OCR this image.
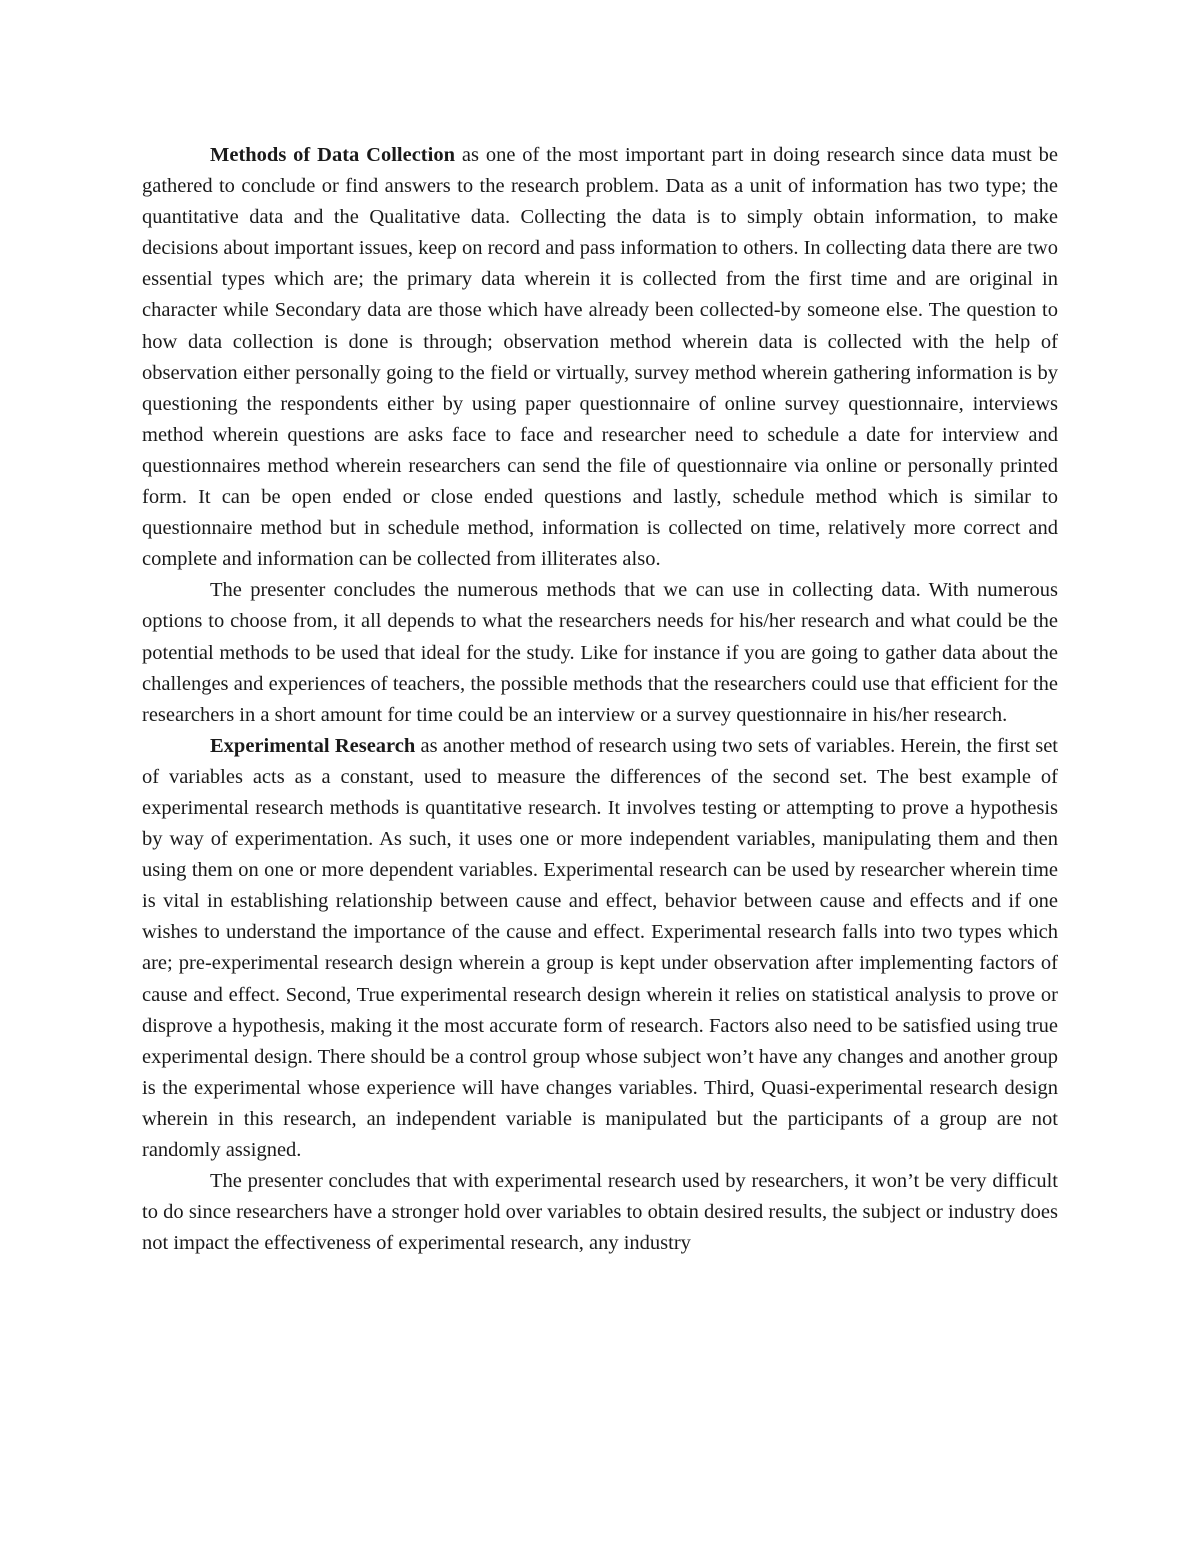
Methods of Data Collection as one of the most important part in doing research since data must be gathered to conclude or find answers to the research problem. Data as a unit of information has two type; the quantitative data and the Qualitative data. Collecting the data is to simply obtain information, to make decisions about important issues, keep on record and pass information to others. In collecting data there are two essential types which are; the primary data wherein it is collected from the first time and are original in character while Secondary data are those which have already been collected-by someone else. The question to how data collection is done is through; observation method wherein data is collected with the help of observation either personally going to the field or virtually, survey method wherein gathering information is by questioning the respondents either by using paper questionnaire of online survey questionnaire, interviews method wherein questions are asks face to face and researcher need to schedule a date for interview and questionnaires method wherein researchers can send the file of questionnaire via online or personally printed form. It can be open ended or close ended questions and lastly, schedule method which is similar to questionnaire method but in schedule method, information is collected on time, relatively more correct and complete and information can be collected from illiterates also.

The presenter concludes the numerous methods that we can use in collecting data. With numerous options to choose from, it all depends to what the researchers needs for his/her research and what could be the potential methods to be used that ideal for the study. Like for instance if you are going to gather data about the challenges and experiences of teachers, the possible methods that the researchers could use that efficient for the researchers in a short amount for time could be an interview or a survey questionnaire in his/her research.

Experimental Research as another method of research using two sets of variables. Herein, the first set of variables acts as a constant, used to measure the differences of the second set. The best example of experimental research methods is quantitative research. It involves testing or attempting to prove a hypothesis by way of experimentation. As such, it uses one or more independent variables, manipulating them and then using them on one or more dependent variables. Experimental research can be used by researcher wherein time is vital in establishing relationship between cause and effect, behavior between cause and effects and if one wishes to understand the importance of the cause and effect. Experimental research falls into two types which are; pre-experimental research design wherein a group is kept under observation after implementing factors of cause and effect. Second, True experimental research design wherein it relies on statistical analysis to prove or disprove a hypothesis, making it the most accurate form of research. Factors also need to be satisfied using true experimental design. There should be a control group whose subject won’t have any changes and another group is the experimental whose experience will have changes variables. Third, Quasi-experimental research design wherein in this research, an independent variable is manipulated but the participants of a group are not randomly assigned.

The presenter concludes that with experimental research used by researchers, it won’t be very difficult to do since researchers have a stronger hold over variables to obtain desired results, the subject or industry does not impact the effectiveness of experimental research, any industry
